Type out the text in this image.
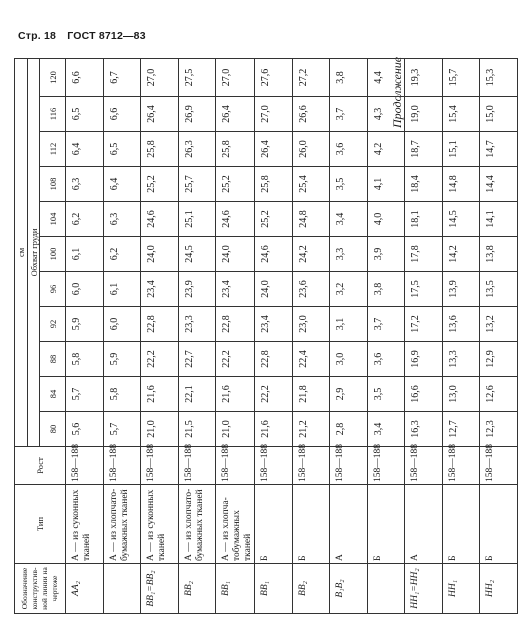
Стр. 18 ГОСТ 8712—83
Продолжение
Обозначение конструктив-ной линии на чертеже	Тип	Рост	см										
			Обхват груди										
			80	84	88	92	96	100	104	108	112	116	120
AA₂	А — из суконных тканей	158—188	5,6	5,7	5,8	5,9	6,0	6,1	6,2	6,3	6,4	6,5	6,6
	А — из хлопчато-бумажных тканей	158—188	5,7	5,8	5,9	6,0	6,1	6,2	6,3	6,4	6,5	6,6	6,7
BB₁=BB₂	А — из суконных тканей	158—188	21,0	21,6	22,2	22,8	23,4	24,0	24,6	25,2	25,8	26,4	27,0
BB₂	А — из хлопчато-бумажных тканей	158—188	21,5	22,1	22,7	23,3	23,9	24,5	25,1	25,7	26,3	26,9	27,5
BB₁	А — из хлопча-тобумажных тканей	158—188	21,0	21,6	22,2	22,8	23,4	24,0	24,6	25,2	25,8	26,4	27,0
BB₁	Б	158—188	21,6	22,2	22,8	23,4	24,0	24,6	25,2	25,8	26,4	27,0	27,6
BB₂	Б	158—188	21,2	21,8	22,4	23,0	23,6	24,2	24,8	25,4	26,0	26,6	27,2
B₁B₂	А	158—188	2,8	2,9	3,0	3,1	3,2	3,3	3,4	3,5	3,6	3,7	3,8
	Б	158—188	3,4	3,5	3,6	3,7	3,8	3,9	4,0	4,1	4,2	4,3	4,4
HH₁=HH₂	А	158—188	16,3	16,6	16,9	17,2	17,5	17,8	18,1	18,4	18,7	19,0	19,3
HH₁	Б	158—188	12,7	13,0	13,3	13,6	13,9	14,2	14,5	14,8	15,1	15,4	15,7
HH₂	Б	158—188	12,3	12,6	12,9	13,2	13,5	13,8	14,1	14,4	14,7	15,0	15,3
